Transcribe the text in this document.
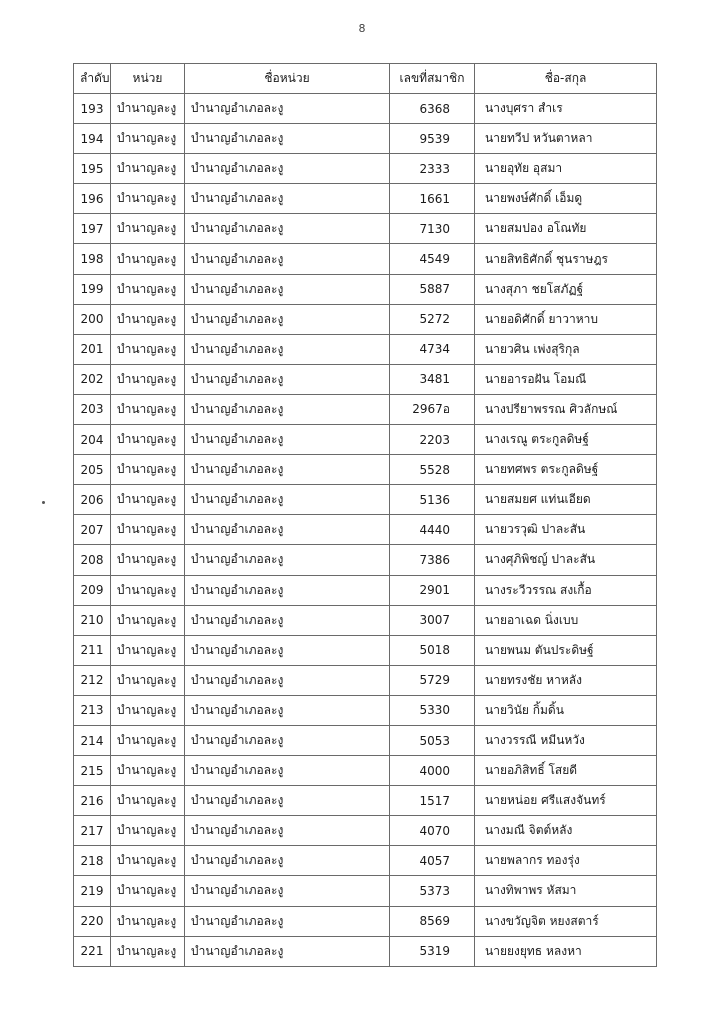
8
ลำดับ	หน่วย	ชื่อหน่วย	เลขที่สมาชิก	ชื่อ-สกุล
193	บำนาญละงู	บำนาญอำเภอละงู	6368	นางบุศรา สำเร
194	บำนาญละงู	บำนาญอำเภอละงู	9539	นายทวีป หวันตาหลา
195	บำนาญละงู	บำนาญอำเภอละงู	2333	นายอุทัย อุสมา
196	บำนาญละงู	บำนาญอำเภอละงู	1661	นายพงษ์ศักดิ์ เอ็มดู
197	บำนาญละงู	บำนาญอำเภอละงู	7130	นายสมปอง อโณทัย
198	บำนาญละงู	บำนาญอำเภอละงู	4549	นายสิทธิศักดิ์ ชุนราษฎร
199	บำนาญละงู	บำนาญอำเภอละงู	5887	นางสุภา ชยโสภัฏฐ์
200	บำนาญละงู	บำนาญอำเภอละงู	5272	นายอดิศักดิ์ ยาวาหาบ
201	บำนาญละงู	บำนาญอำเภอละงู	4734	นายวศิน เพ่งสุริกุล
202	บำนาญละงู	บำนาญอำเภอละงู	3481	นายอารอฝัน โอมณี
203	บำนาญละงู	บำนาญอำเภอละงู	2967อ	นางปรียาพรรณ ศิวลักษณ์
204	บำนาญละงู	บำนาญอำเภอละงู	2203	นางเรณู ตระกูลดิษฐ์
205	บำนาญละงู	บำนาญอำเภอละงู	5528	นายทศพร ตระกูลดิษฐ์
206	บำนาญละงู	บำนาญอำเภอละงู	5136	นายสมยศ แท่นเอียด
207	บำนาญละงู	บำนาญอำเภอละงู	4440	นายวรวุฒิ ปาละสัน
208	บำนาญละงู	บำนาญอำเภอละงู	7386	นางศุภิพิชญ์ ปาละสัน
209	บำนาญละงู	บำนาญอำเภอละงู	2901	นางระวีวรรณ สงเกื้อ
210	บำนาญละงู	บำนาญอำเภอละงู	3007	นายอาเฉด นิ่งเบบ
211	บำนาญละงู	บำนาญอำเภอละงู	5018	นายพนม ตันประดิษฐ์
212	บำนาญละงู	บำนาญอำเภอละงู	5729	นายทรงชัย หาหลัง
213	บำนาญละงู	บำนาญอำเภอละงู	5330	นายวินัย กิ้มดิ้น
214	บำนาญละงู	บำนาญอำเภอละงู	5053	นางวรรณี หมีนหวัง
215	บำนาญละงู	บำนาญอำเภอละงู	4000	นายอภิสิทธิ์ โสยดี
216	บำนาญละงู	บำนาญอำเภอละงู	1517	นายหน่อย ศรีแสงจันทร์
217	บำนาญละงู	บำนาญอำเภอละงู	4070	นางมณี จิตต์หลัง
218	บำนาญละงู	บำนาญอำเภอละงู	4057	นายพลากร ทองรุ่ง
219	บำนาญละงู	บำนาญอำเภอละงู	5373	นางทิพาพร หัสมา
220	บำนาญละงู	บำนาญอำเภอละงู	8569	นางขวัญจิต หยงสตาร์
221	บำนาญละงู	บำนาญอำเภอละงู	5319	นายยงยุทธ หลงหา
